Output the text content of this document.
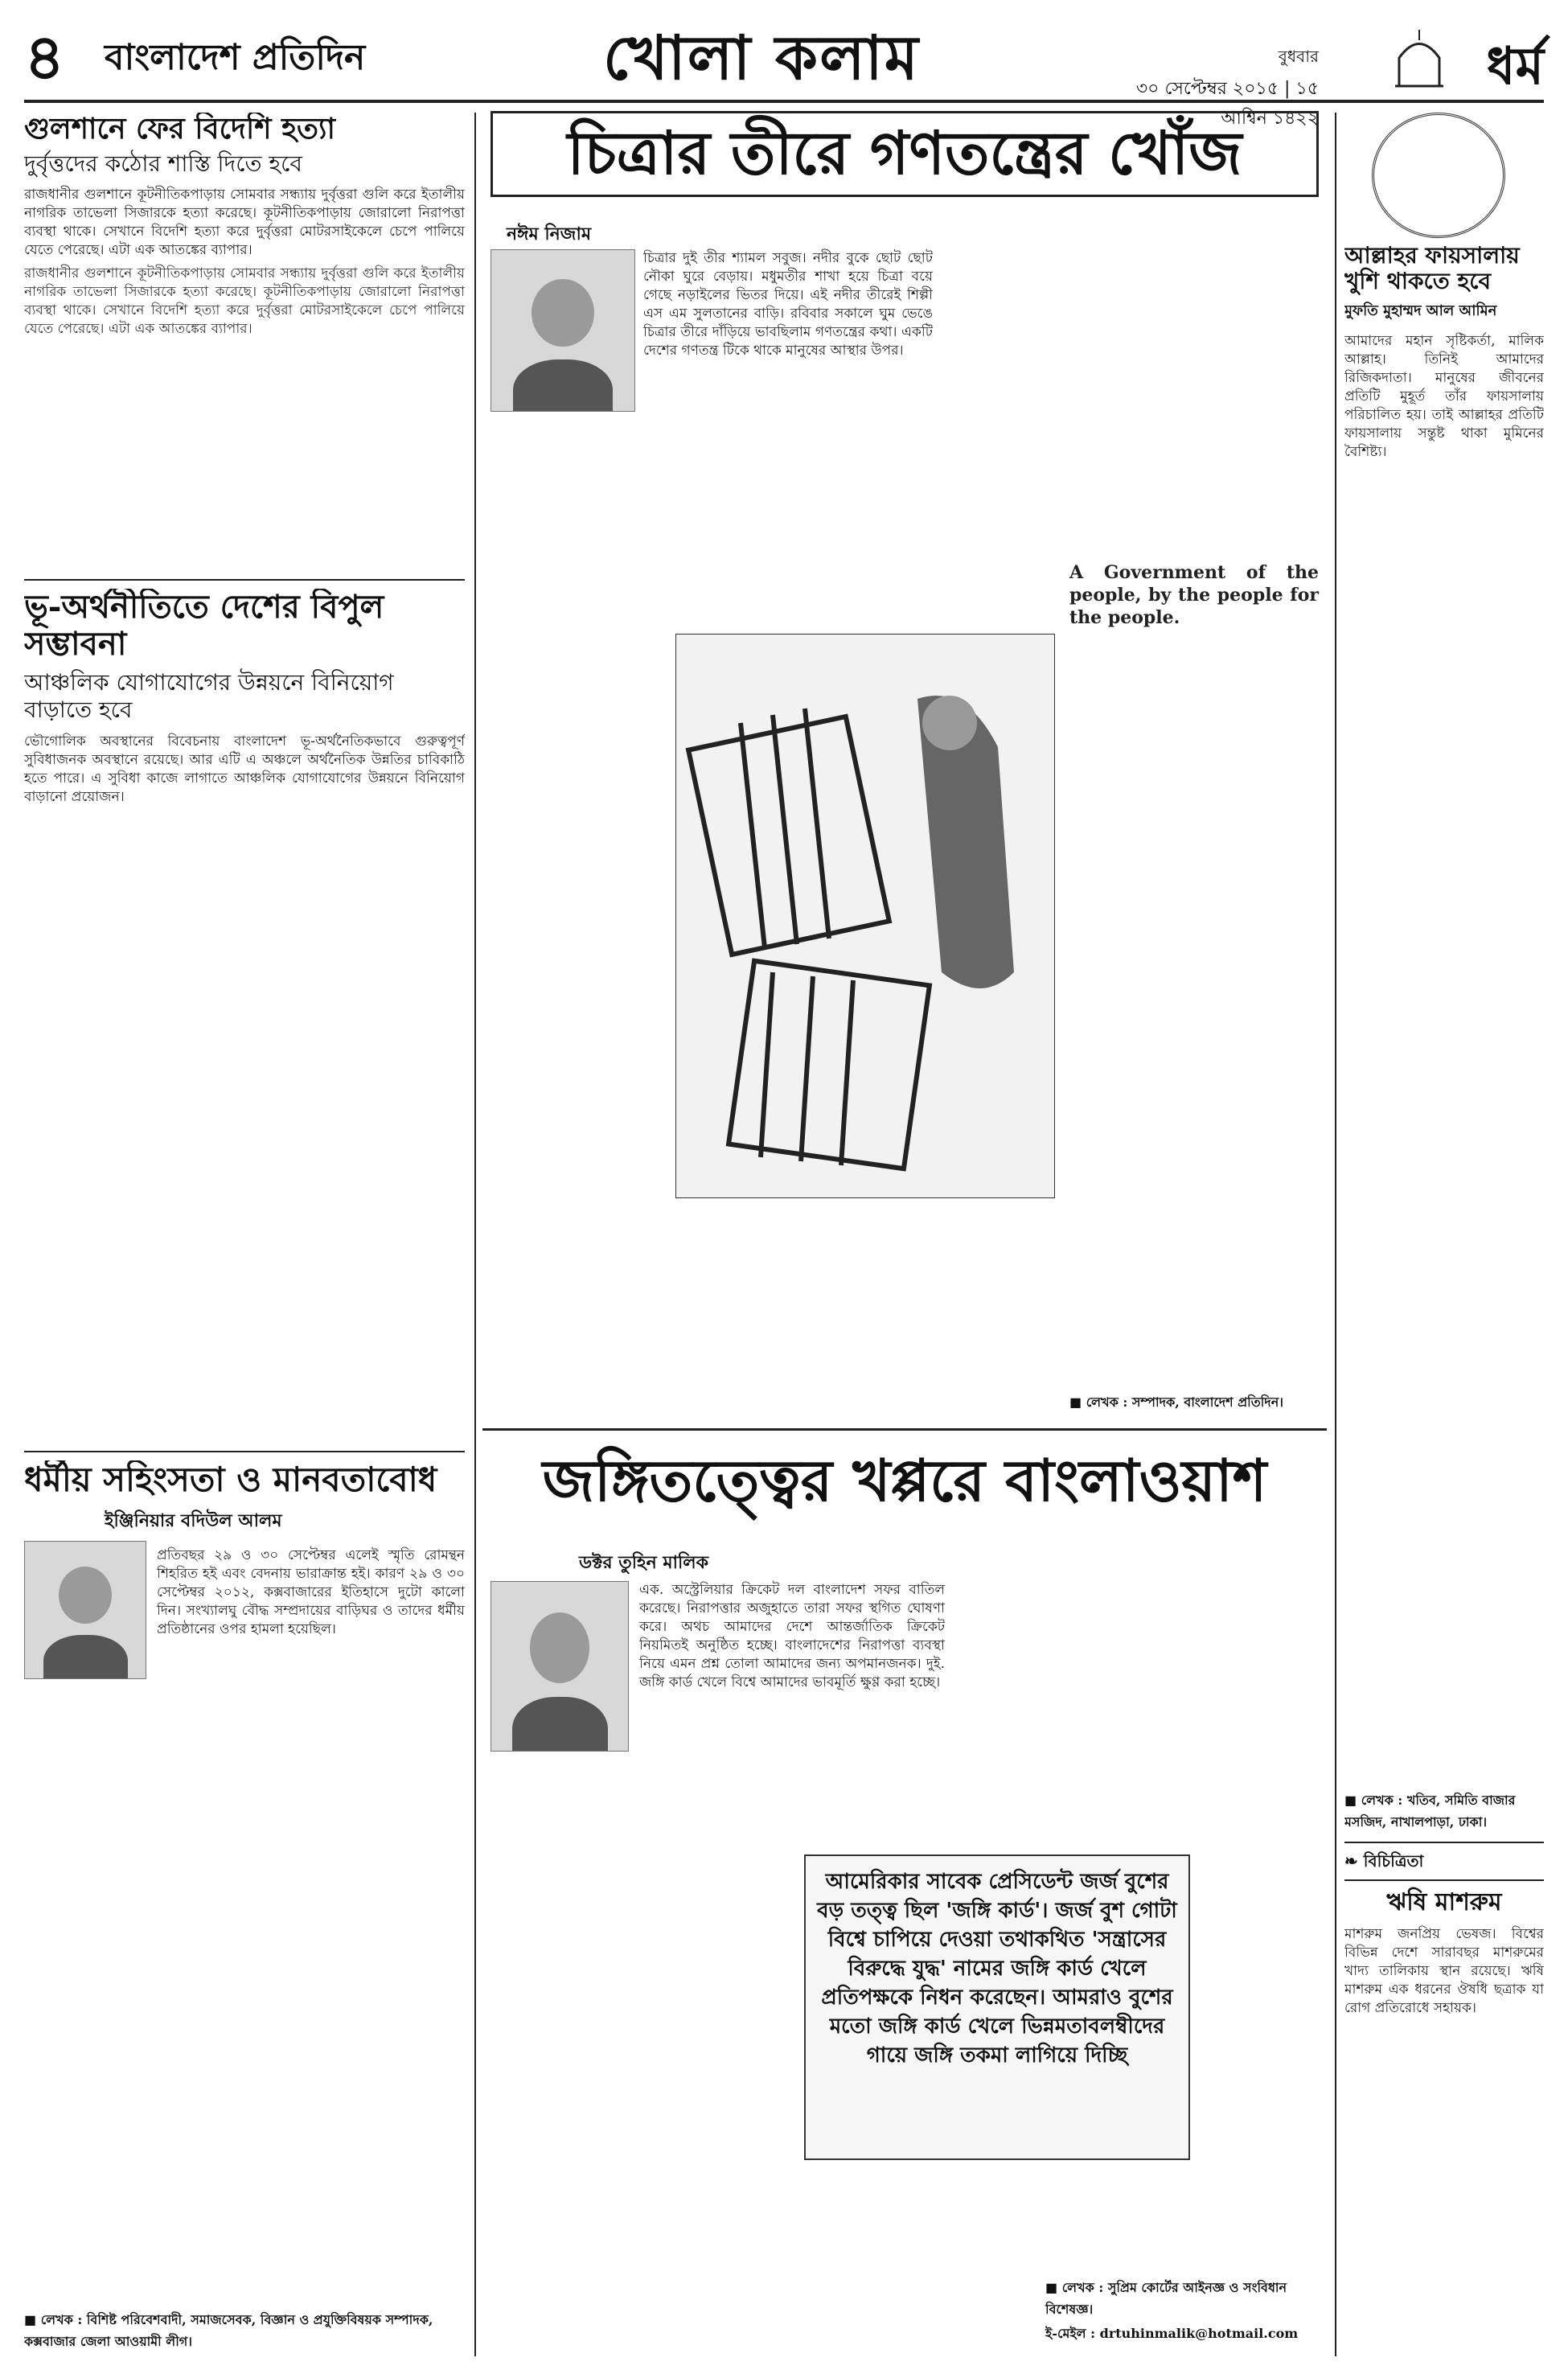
৪ বাংলাদেশ প্রতিদিন	খোলা কলাম	বুধবার
৩০ সেপ্টেম্বর ২০১৫ | ১৫ আশ্বিন ১৪২২
ধর্ম
গুলশানে ফের বিদেশি হত্যা
দুর্বৃত্তদের কঠোর শাস্তি দিতে হবে
রাজধানীর গুলশানে কূটনীতিকপাড়ায় সোমবার সন্ধ্যায় দুর্বৃত্তরা গুলি করে ইতালীয় নাগরিক তাভেলা সিজারকে হত্যা করেছে। কূটনীতিকপাড়ায় জোরালো নিরাপত্তা ব্যবস্থা থাকে। সেখানে বিদেশি হত্যা করে দুর্বৃত্তরা মোটরসাইকেলে চেপে পালিয়ে যেতে পেরেছে। এটা এক আতঙ্কের ব্যাপার।
রাজধানীর গুলশানে কূটনীতিকপাড়ায় সোমবার সন্ধ্যায় দুর্বৃত্তরা গুলি করে ইতালীয় নাগরিক তাভেলা সিজারকে হত্যা করেছে। কূটনীতিকপাড়ায় জোরালো নিরাপত্তা ব্যবস্থা থাকে। সেখানে বিদেশি হত্যা করে দুর্বৃত্তরা মোটরসাইকেলে চেপে পালিয়ে যেতে পেরেছে। এটা এক আতঙ্কের ব্যাপার।
ভূ-অর্থনীতিতে দেশের বিপুল সম্ভাবনা
আঞ্চলিক যোগাযোগের উন্নয়নে বিনিয়োগ বাড়াতে হবে
ভৌগোলিক অবস্থানের বিবেচনায় বাংলাদেশ ভূ-অর্থনৈতিকভাবে গুরুত্বপূর্ণ সুবিধাজনক অবস্থানে রয়েছে। আর এটি এ অঞ্চলে অর্থনৈতিক উন্নতির চাবিকাঠি হতে পারে। এ সুবিধা কাজে লাগাতে আঞ্চলিক যোগাযোগের উন্নয়নে বিনিয়োগ বাড়ানো প্রয়োজন।
ধর্মীয় সহিংসতা ও মানবতাবোধ
ইঞ্জিনিয়ার বদিউল আলম
প্রতিবছর ২৯ ও ৩০ সেপ্টেম্বর এলেই স্মৃতি রোমন্থন শিহরিত হই এবং বেদনায় ভারাক্রান্ত হই। কারণ ২৯ ও ৩০ সেপ্টেম্বর ২০১২, কক্সবাজারের ইতিহাসে দুটো কালো দিন। সংখ্যালঘু বৌদ্ধ সম্প্রদায়ের বাড়িঘর ও তাদের ধর্মীয় প্রতিষ্ঠানের ওপর হামলা হয়েছিল।
■ লেখক : বিশিষ্ট পরিবেশবাদী, সমাজসেবক, বিজ্ঞান ও প্রযুক্তিবিষয়ক সম্পাদক, কক্সবাজার জেলা আওয়ামী লীগ।
চিত্রার তীরে গণতন্ত্রের খোঁজ
নঈম নিজাম
চিত্রার দুই তীর শ্যামল সবুজ। নদীর বুকে ছোট ছোট নৌকা ঘুরে বেড়ায়। মধুমতীর শাখা হয়ে চিত্রা বয়ে গেছে নড়াইলের ভিতর দিয়ে। এই নদীর তীরেই শিল্পী এস এম সুলতানের বাড়ি। রবিবার সকালে ঘুম ভেঙে চিত্রার তীরে দাঁড়িয়ে ভাবছিলাম গণতন্ত্রের কথা। একটি দেশের গণতন্ত্র টিকে থাকে মানুষের আস্থার উপর।
A Government of the people, by the people for the people.
■ লেখক : সম্পাদক, বাংলাদেশ প্রতিদিন।
জঙ্গিতত্ত্বের খপ্পরে বাংলাওয়াশ
ডক্টর তুহিন মালিক
এক. অস্ট্রেলিয়ার ক্রিকেট দল বাংলাদেশ সফর বাতিল করেছে। নিরাপত্তার অজুহাতে তারা সফর স্থগিত ঘোষণা করে। অথচ আমাদের দেশে আন্তর্জাতিক ক্রিকেট নিয়মিতই অনুষ্ঠিত হচ্ছে। বাংলাদেশের নিরাপত্তা ব্যবস্থা নিয়ে এমন প্রশ্ন তোলা আমাদের জন্য অপমানজনক। দুই. জঙ্গি কার্ড খেলে বিশ্বে আমাদের ভাবমূর্তি ক্ষুণ্ণ করা হচ্ছে।
আমেরিকার সাবেক প্রেসিডেন্ট জর্জ বুশের বড় তত্ত্ব ছিল 'জঙ্গি কার্ড'। জর্জ বুশ গোটা বিশ্বে চাপিয়ে দেওয়া তথাকথিত 'সন্ত্রাসের বিরুদ্ধে যুদ্ধ' নামের জঙ্গি কার্ড খেলে প্রতিপক্ষকে নিধন করেছেন। আমরাও বুশের মতো জঙ্গি কার্ড খেলে ভিন্নমতাবলম্বীদের গায়ে জঙ্গি তকমা লাগিয়ে দিচ্ছি
■ লেখক : সুপ্রিম কোর্টের আইনজ্ঞ ও সংবিধান বিশেষজ্ঞ।
ই-মেইল : drtuhinmalik@hotmail.com
আল্লাহর ফায়সালায় খুশি থাকতে হবে
মুফতি মুহাম্মদ আল আমিন
আমাদের মহান সৃষ্টিকর্তা, মালিক আল্লাহ। তিনিই আমাদের রিজিকদাতা। মানুষের জীবনের প্রতিটি মুহূর্ত তাঁর ফায়সালায় পরিচালিত হয়। তাই আল্লাহর প্রতিটি ফায়সালায় সন্তুষ্ট থাকা মুমিনের বৈশিষ্ট্য।
■ লেখক : খতিব, সমিতি বাজার মসজিদ, নাখালপাড়া, ঢাকা।
❧ বিচিত্রিতা
ঋষি মাশরুম
মাশরুম জনপ্রিয় ভেষজ। বিশ্বের বিভিন্ন দেশে সারাবছর মাশরুমের খাদ্য তালিকায় স্থান রয়েছে। ঋষি মাশরুম এক ধরনের ঔষধি ছত্রাক যা রোগ প্রতিরোধে সহায়ক।
